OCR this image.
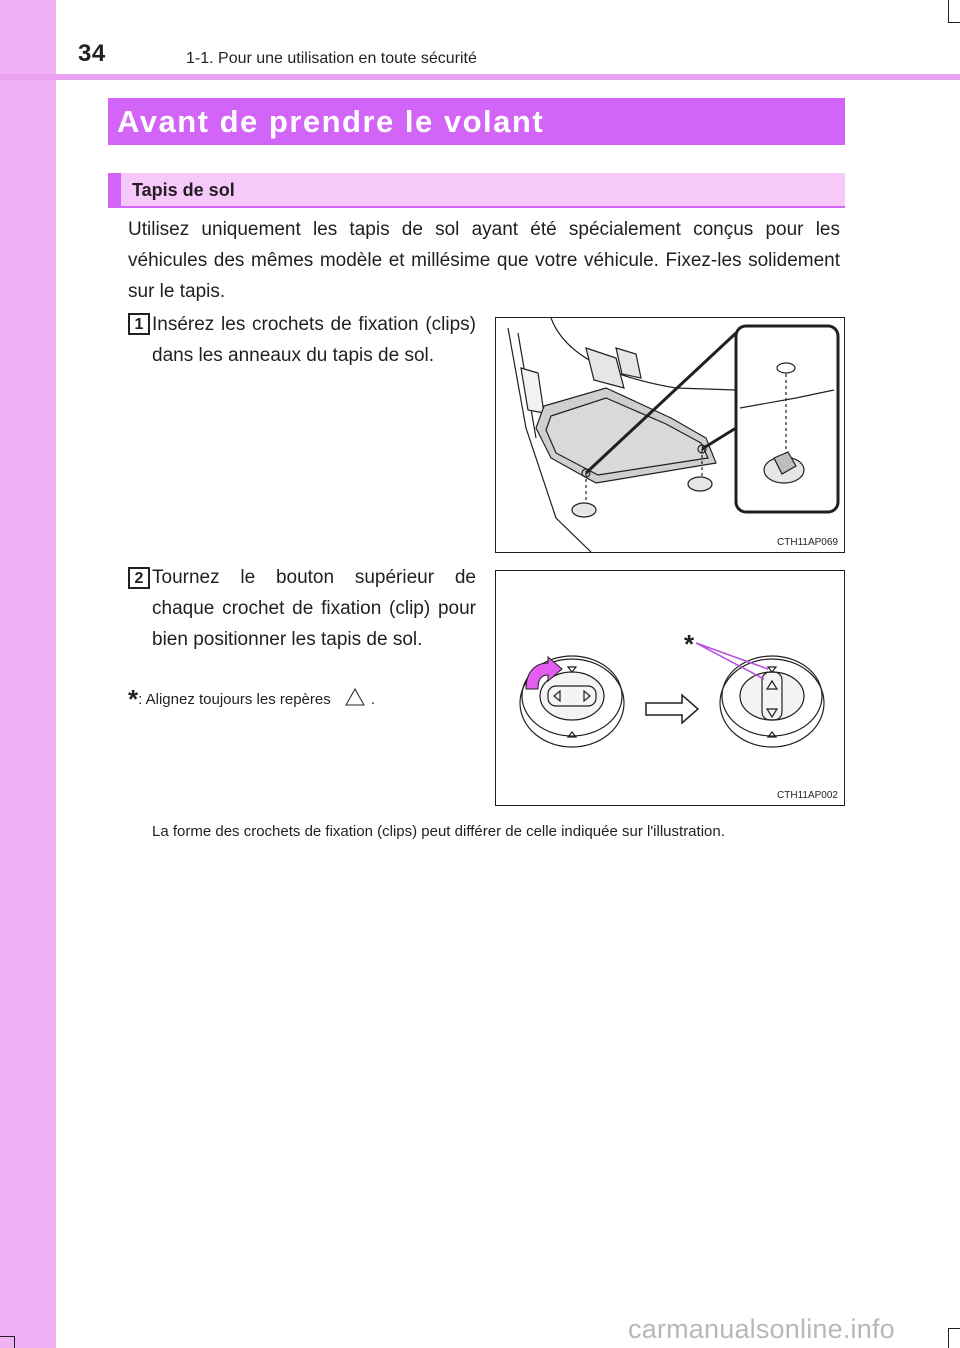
34	1-1. Pour une utilisation en toute sécurité
Avant de prendre le volant
Tapis de sol
Utilisez uniquement les tapis de sol ayant été spécialement conçus pour les véhicules des mêmes modèle et millésime que votre véhicule. Fixez-les solidement sur le tapis.
1 Insérez les crochets de fixation (clips) dans les anneaux du tapis de sol.
CTH11AP069
2 Tournez le bouton supérieur de chaque crochet de fixation (clip) pour bien positionner les tapis de sol.
*: Alignez toujours les repères	.
*
CTH11AP002
La forme des crochets de fixation (clips) peut différer de celle indiquée sur l'illustration.
carmanualsonline.info
